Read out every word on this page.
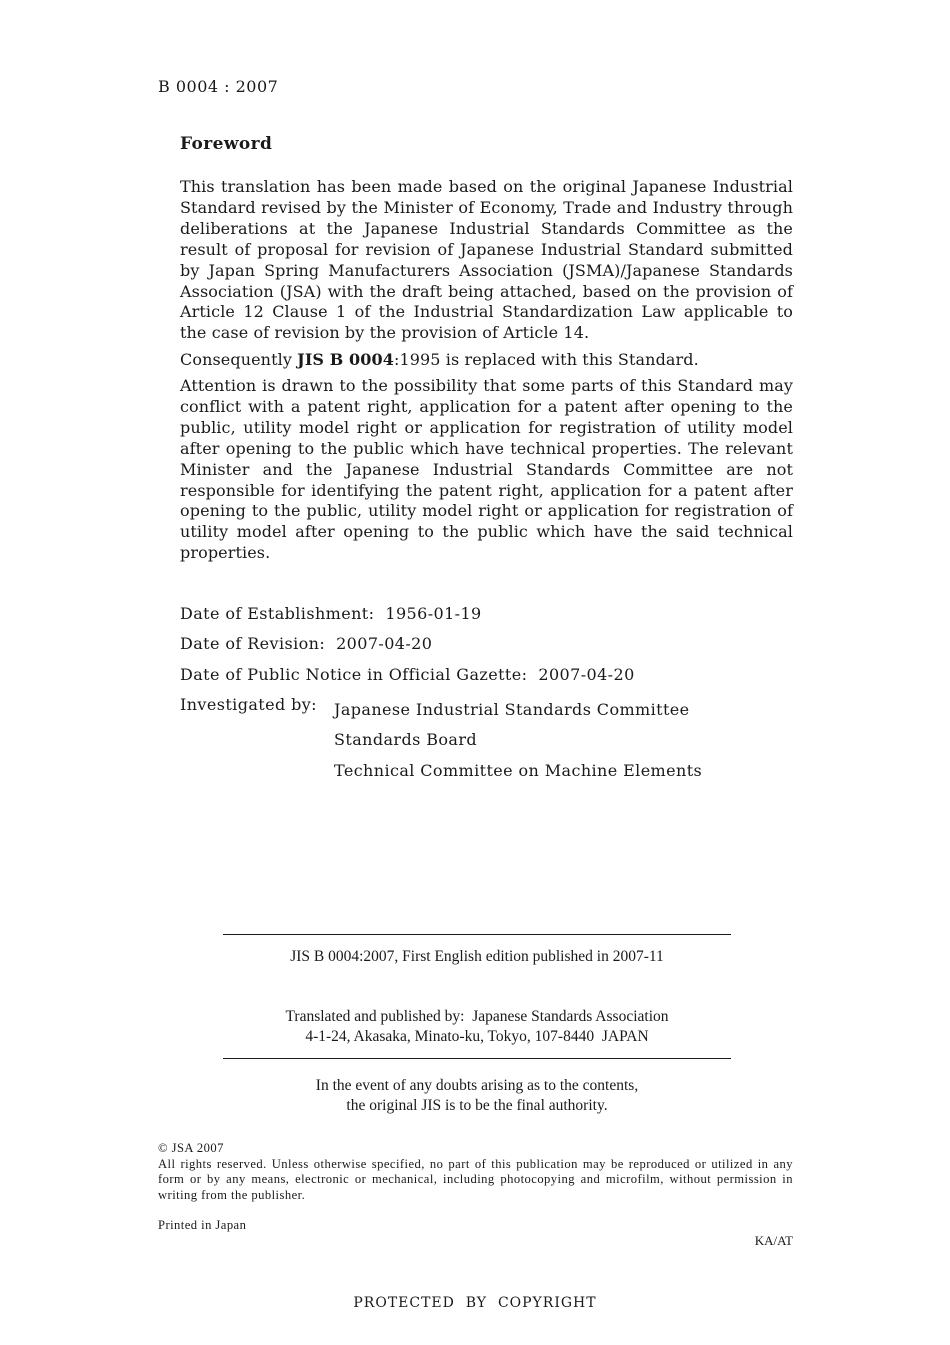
B 0004 : 2007
Foreword
This translation has been made based on the original Japanese Industrial Standard revised by the Minister of Economy, Trade and Industry through deliberations at the Japanese Industrial Standards Committee as the result of proposal for revision of Japanese Industrial Standard submitted by Japan Spring Manufacturers Association (JSMA)/Japanese Standards Association (JSA) with the draft being attached, based on the provision of Article 12 Clause 1 of the Industrial Standardization Law applicable to the case of revision by the provision of Article 14.
Consequently JIS B 0004:1995 is replaced with this Standard.
Attention is drawn to the possibility that some parts of this Standard may conflict with a patent right, application for a patent after opening to the public, utility model right or application for registration of utility model after opening to the public which have technical properties. The relevant Minister and the Japanese Industrial Standards Committee are not responsible for identifying the patent right, application for a patent after opening to the public, utility model right or application for registration of utility model after opening to the public which have the said technical properties.
Date of Establishment:  1956-01-19
Date of Revision:  2007-04-20
Date of Public Notice in Official Gazette:  2007-04-20
Investigated by: Japanese Industrial Standards Committee
Standards Board
Technical Committee on Machine Elements
JIS B 0004:2007, First English edition published in 2007-11
Translated and published by:  Japanese Standards Association
4-1-24, Akasaka, Minato-ku, Tokyo, 107-8440  JAPAN
In the event of any doubts arising as to the contents,
the original JIS is to be the final authority.
© JSA 2007
All rights reserved. Unless otherwise specified, no part of this publication may be reproduced or utilized in any form or by any means, electronic or mechanical, including photocopying and microfilm, without permission in writing from the publisher.
Printed in Japan
KA/AT
PROTECTED  BY  COPYRIGHT
